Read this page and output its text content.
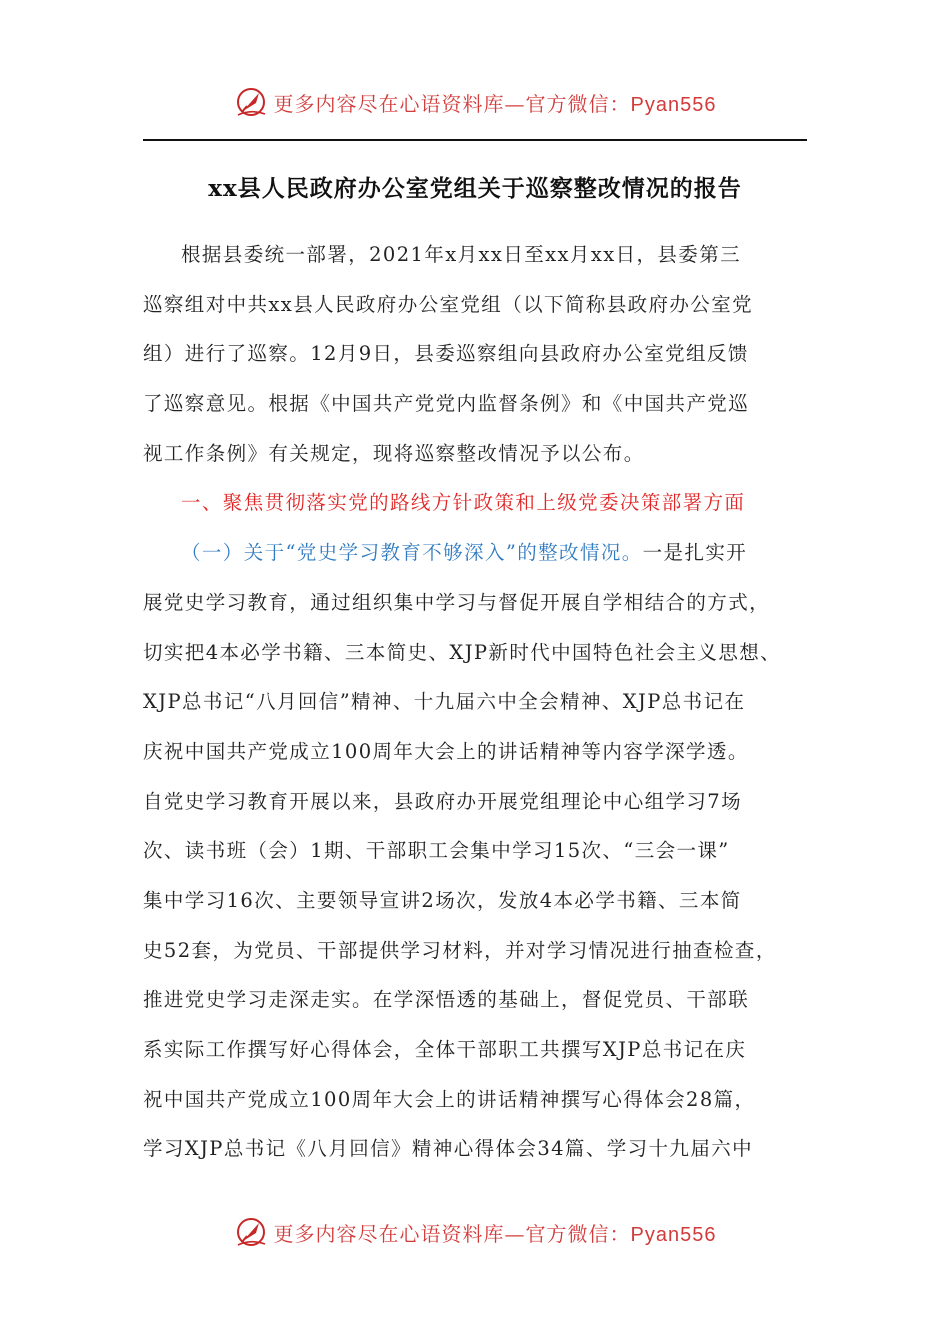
更多内容尽在心语资料库—官方微信：Pyan556
xx县人民政府办公室党组关于巡察整改情况的报告
根据县委统一部署，2021年x月xx日至xx月xx日，县委第三
巡察组对中共xx县人民政府办公室党组（以下简称县政府办公室党
组）进行了巡察。12月9日，县委巡察组向县政府办公室党组反馈
了巡察意见。根据《中国共产党党内监督条例》和《中国共产党巡
视工作条例》有关规定，现将巡察整改情况予以公布。
一、聚焦贯彻落实党的路线方针政策和上级党委决策部署方面
（一）关于“党史学习教育不够深入”的整改情况。一是扎实开
展党史学习教育，通过组织集中学习与督促开展自学相结合的方式，
切实把4本必学书籍、三本简史、XJP新时代中国特色社会主义思想、
XJP总书记“八月回信”精神、十九届六中全会精神、XJP总书记在
庆祝中国共产党成立100周年大会上的讲话精神等内容学深学透。
自党史学习教育开展以来，县政府办开展党组理论中心组学习7场
次、读书班（会）1期、干部职工会集中学习15次、“三会一课”
集中学习16次、主要领导宣讲2场次，发放4本必学书籍、三本简
史52套，为党员、干部提供学习材料，并对学习情况进行抽查检查，
推进党史学习走深走实。在学深悟透的基础上，督促党员、干部联
系实际工作撰写好心得体会，全体干部职工共撰写XJP总书记在庆
祝中国共产党成立100周年大会上的讲话精神撰写心得体会28篇，
学习XJP总书记《八月回信》精神心得体会34篇、学习十九届六中
更多内容尽在心语资料库—官方微信：Pyan556
